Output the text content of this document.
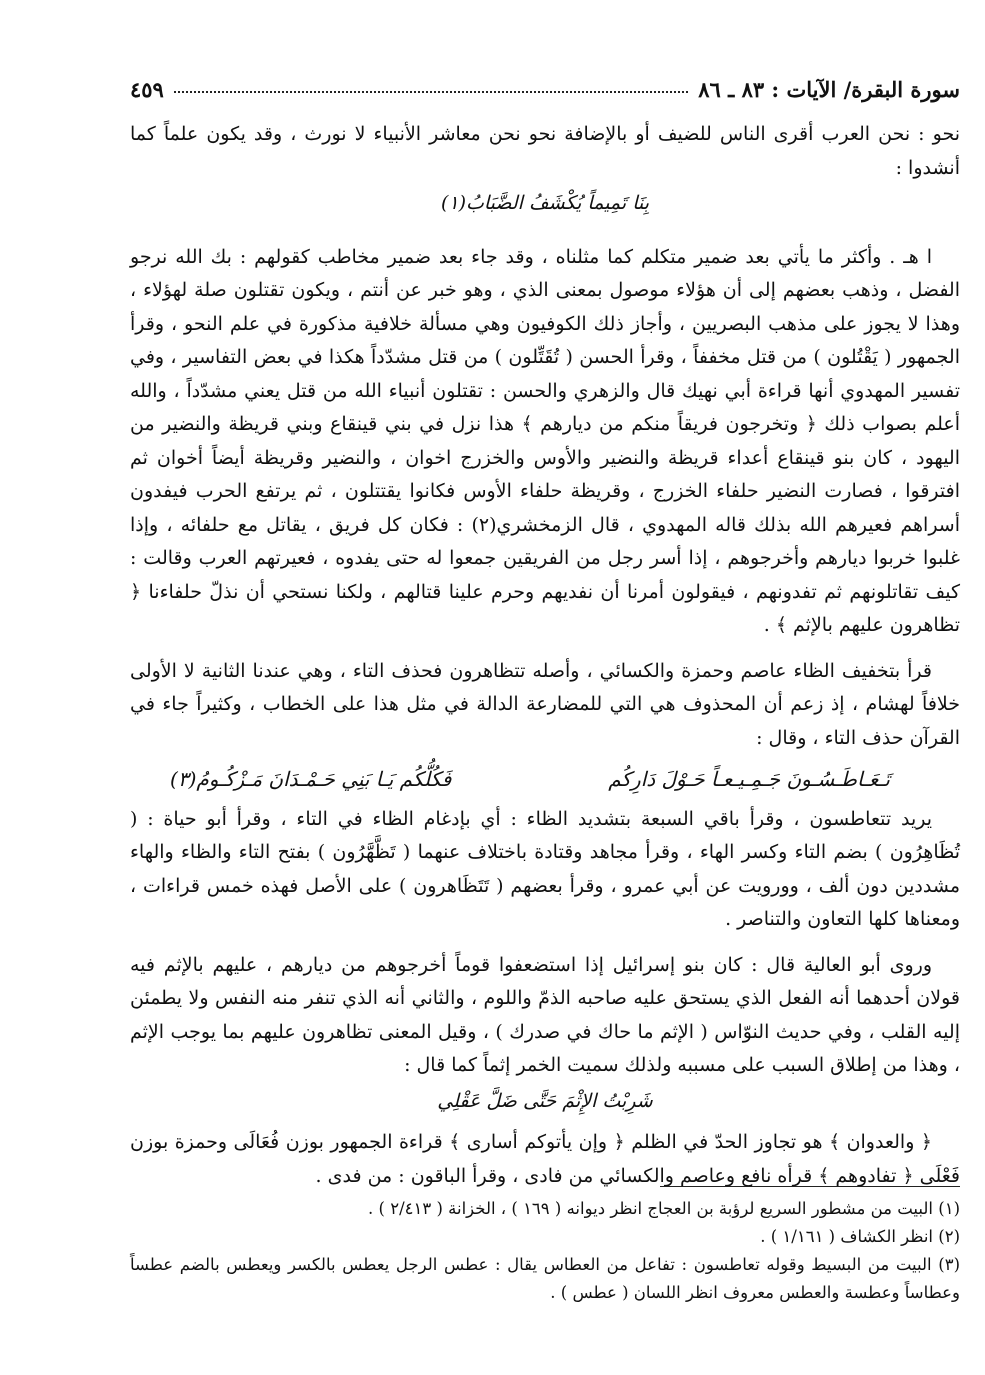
سورة البقرة/ الآيات : ٨٣ ـ ٨٦
٤٥٩

نحو : نحن العرب أقرى الناس للضيف أو بالإضافة نحو نحن معاشر الأنبياء لا نورث ، وقد يكون علماً كما أنشدوا :

بِنَا تَمِيماً يُكْشَفُ الضَّبَابُ(١)

ا هـ . وأكثر ما يأتي بعد ضمير متكلم كما مثلناه ، وقد جاء بعد ضمير مخاطب كقولهم : بك الله نرجو الفضل ، وذهب بعضهم إلى أن هؤلاء موصول بمعنى الذي ، وهو خبر عن أنتم ، ويكون تقتلون صلة لهؤلاء ، وهذا لا يجوز على مذهب البصريين ، وأجاز ذلك الكوفيون وهي مسألة خلافية مذكورة في علم النحو ، وقرأ الجمهور ( يَقْتُلون ) من قتل مخففاً ، وقرأ الحسن ( تُقَتِّلون ) من قتل مشدّداً هكذا في بعض التفاسير ، وفي تفسير المهدوي أنها قراءة أبي نهيك قال والزهري والحسن : تقتلون أنبياء الله من قتل يعني مشدّداً ، والله أعلم بصواب ذلك ﴿ وتخرجون فريقاً منكم من ديارهم ﴾ هذا نزل في بني قينقاع وبني قريظة والنضير من اليهود ، كان بنو قينقاع أعداء قريظة والنضير والأوس والخزرج اخوان ، والنضير وقريظة أيضاً أخوان ثم افترقوا ، فصارت النضير حلفاء الخزرج ، وقريظة حلفاء الأوس فكانوا يقتتلون ، ثم يرتفع الحرب فيفدون أسراهم فعيرهم الله بذلك قاله المهدوي ، قال الزمخشري(٢) : فكان كل فريق ، يقاتل مع حلفائه ، وإذا غلبوا خربوا ديارهم وأخرجوهم ، إذا أسر رجل من الفريقين جمعوا له حتى يفدوه ، فعيرتهم العرب وقالت : كيف تقاتلونهم ثم تفدونهم ، فيقولون أمرنا أن نفديهم وحرم علينا قتالهم ، ولكنا نستحي أن نذلّ حلفاءنا ﴿ تظاهرون عليهم بالإثم ﴾ .

قرأ بتخفيف الظاء عاصم وحمزة والكسائي ، وأصله تتظاهرون فحذف التاء ، وهي عندنا الثانية لا الأولى خلافاً لهشام ، إذ زعم أن المحذوف هي التي للمضارعة الدالة في مثل هذا على الخطاب ، وكثيراً جاء في القرآن حذف التاء ، وقال :

تَـعَـاطَـسُـونَ جَـمِـيـعـاً حَـوْلَ دَارِكُم
فَكُلُّكُم يَـا بَنِي حَـمْـدَانَ مَـزْكُـومُ(٣)

يريد تتعاطسون ، وقرأ باقي السبعة بتشديد الظاء : أي بإدغام الظاء في التاء ، وقرأ أبو حياة : ( تُظَاهِرُون ) بضم التاء وكسر الهاء ، وقرأ مجاهد وقتادة باختلاف عنهما ( تَظَّهَّرُون ) بفتح التاء والظاء والهاء مشددين دون ألف ، وورويت عن أبي عمرو ، وقرأ بعضهم ( تَتَظَاهرون ) على الأصل فهذه خمس قراءات ، ومعناها كلها التعاون والتناصر .

وروى أبو العالية قال : كان بنو إسرائيل إذا استضعفوا قوماً أخرجوهم من ديارهم ، عليهم بالإثم فيه قولان أحدهما أنه الفعل الذي يستحق عليه صاحبه الذمّ واللوم ، والثاني أنه الذي تنفر منه النفس ولا يطمئن إليه القلب ، وفي حديث النوّاس ( الإثم ما حاك في صدرك ) ، وقيل المعنى تظاهرون عليهم بما يوجب الإثم ، وهذا من إطلاق السبب على مسببه ولذلك سميت الخمر إثماً كما قال :

شَرِبْتُ الإِثْمَ حَتَّى ضَلَّ عَقْلِي

﴿ والعدوان ﴾ هو تجاوز الحدّ في الظلم ﴿ وإن يأتوكم أسارى ﴾ قراءة الجمهور بوزن فُعَالَى وحمزة بوزن فَعْلَى ﴿ تفادوهم ﴾ قرأه نافع وعاصم والكسائي من فادى ، وقرأ الباقون : من فدى .

(١) البيت من مشطور السريع لرؤبة بن العجاج انظر ديوانه ( ١٦٩ ) ، الخزانة ( ٢/٤١٣ ) .

(٢) انظر الكشاف ( ١/١٦١ ) .

(٣) البيت من البسيط وقوله تعاطسون : تفاعل من العطاس يقال : عطس الرجل يعطس بالكسر ويعطس بالضم عطساً وعطاساً وعطسة والعطس معروف انظر اللسان ( عطس ) .
